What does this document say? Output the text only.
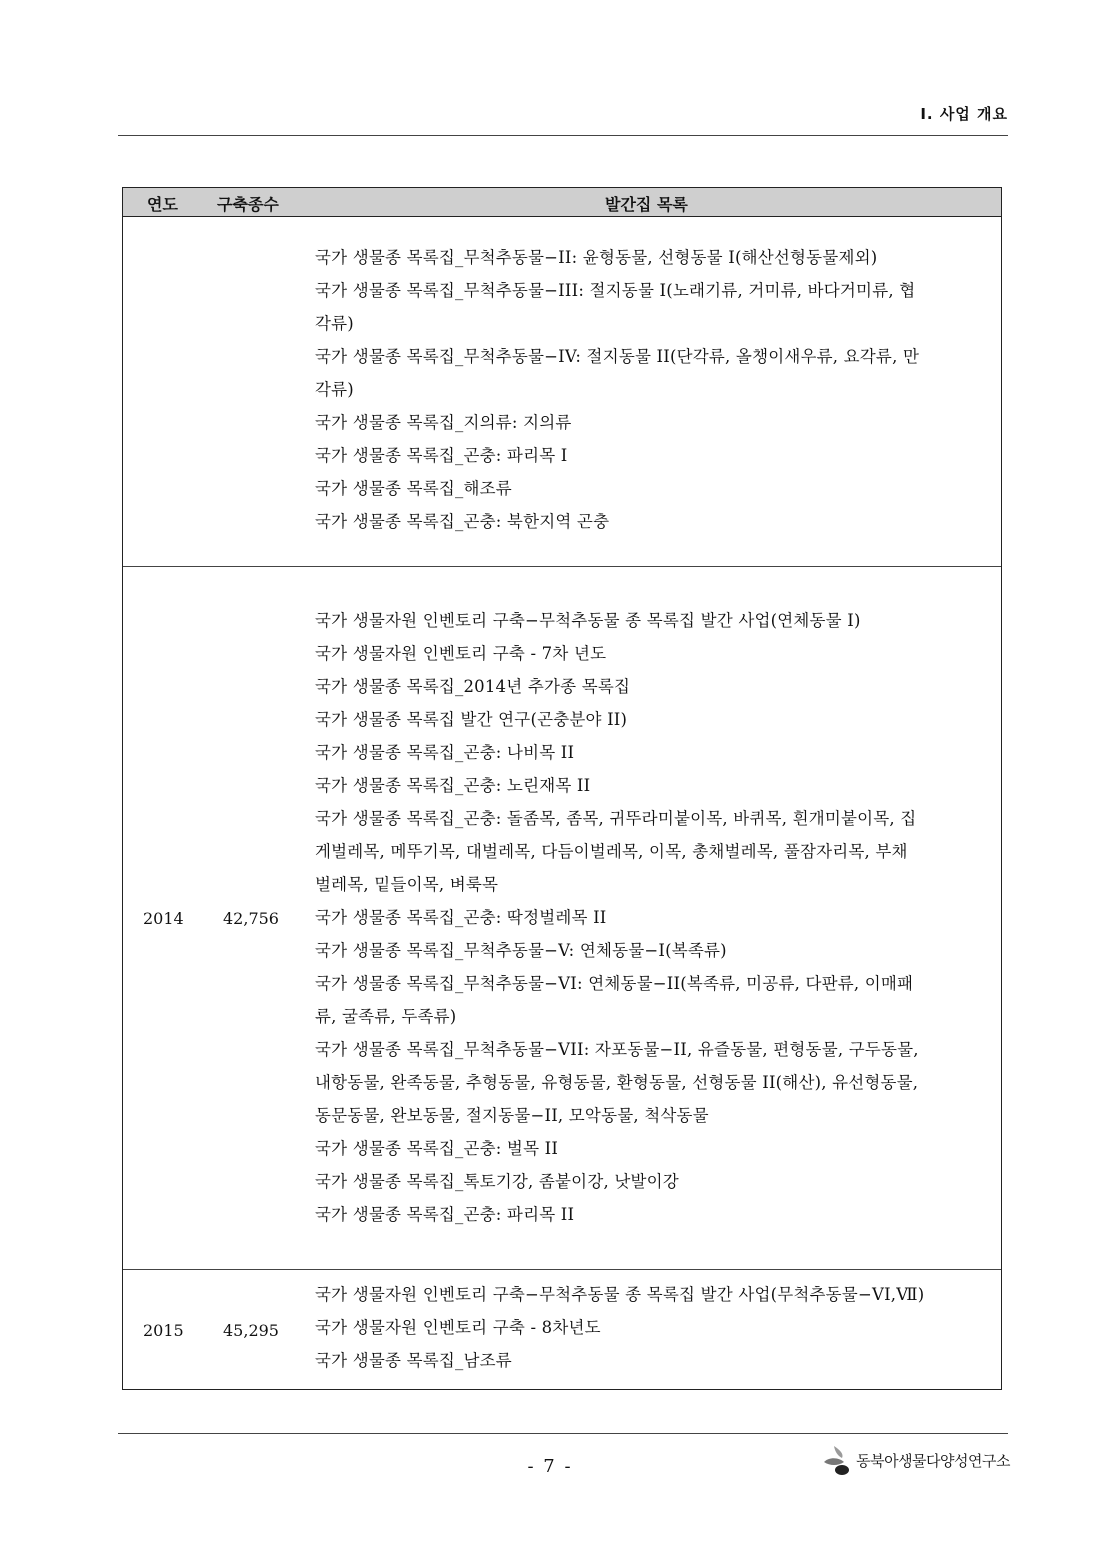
Ⅰ. 사업 개요
연도 구축종수	발간집 목록
국가 생물종 목록집_무척추동물−II: 윤형동물, 선형동물 I(해산선형동물제외)
국가 생물종 목록집_무척추동물−III: 절지동물 I(노래기류, 거미류, 바다거미류, 협
각류)
국가 생물종 목록집_무척추동물−IV: 절지동물 II(단각류, 올챙이새우류, 요각류, 만
각류)
국가 생물종 목록집_지의류: 지의류
국가 생물종 목록집_곤충: 파리목 I
국가 생물종 목록집_해조류
국가 생물종 목록집_곤충: 북한지역 곤충
2014 42,756
국가 생물자원 인벤토리 구축−무척추동물 종 목록집 발간 사업(연체동물 Ⅰ)
국가 생물자원 인벤토리 구축 - 7차 년도
국가 생물종 목록집_2014년 추가종 목록집
국가 생물종 목록집 발간 연구(곤충분야 II)
국가 생물종 목록집_곤충: 나비목 II
국가 생물종 목록집_곤충: 노린재목 II
국가 생물종 목록집_곤충: 돌좀목, 좀목, 귀뚜라미붙이목, 바퀴목, 흰개미붙이목, 집
게벌레목, 메뚜기목, 대벌레목, 다듬이벌레목, 이목, 총채벌레목, 풀잠자리목, 부채
벌레목, 밑들이목, 벼룩목
국가 생물종 목록집_곤충: 딱정벌레목 II
국가 생물종 목록집_무척추동물−V: 연체동물−I(복족류)
국가 생물종 목록집_무척추동물−VI: 연체동물−II(복족류, 미공류, 다판류, 이매패
류, 굴족류, 두족류)
국가 생물종 목록집_무척추동물−VII: 자포동물−II, 유즐동물, 편형동물, 구두동물,
내항동물, 완족동물, 추형동물, 유형동물, 환형동물, 선형동물 II(해산), 유선형동물,
동문동물, 완보동물, 절지동물−II, 모악동물, 척삭동물
국가 생물종 목록집_곤충: 벌목 II
국가 생물종 목록집_톡토기강, 좀붙이강, 낫발이강
국가 생물종 목록집_곤충: 파리목 II
2015 45,295
국가 생물자원 인벤토리 구축−무척추동물 종 목록집 발간 사업(무척추동물−VI,Ⅶ)
국가 생물자원 인벤토리 구축 - 8차년도
국가 생물종 목록집_남조류
- 7 -	동북아생물다양성연구소
